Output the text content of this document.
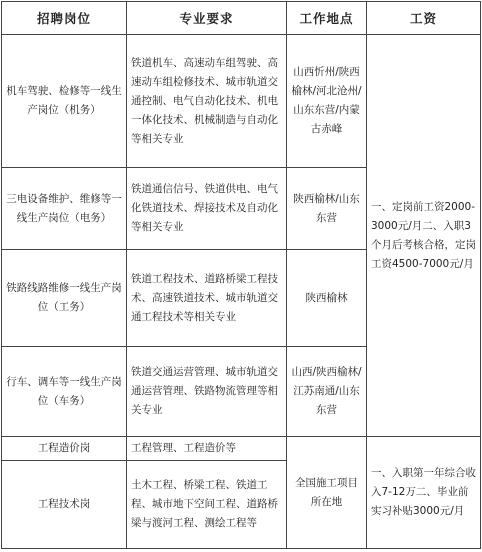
招聘岗位	专业要求	工作地点	工资
机车驾驶、检修等一线生产岗位（机务）	铁道机车、高速动车组驾驶、高速动车组检修技术、城市轨道交通控制、电气自动化技术、机电一体化技术、机械制造与自动化等相关专业	山西忻州/陕西榆林/河北沧州/山东东营/内蒙古赤峰	一、定岗前工资2000-3000元/月二、入职3个月后考核合格，定岗工资4500-7000元/月
三电设备维护、维修等一线生产岗位（电务）	铁道通信信号、铁道供电、电气化铁道技术、焊接技术及自动化等相关专业	陕西榆林/山东东营	
铁路线路维修一线生产岗位（工务）	铁道工程技术、道路桥梁工程技术、高速铁道技术、城市轨道交通工程技术等相关专业	陕西榆林	
行车、调车等一线生产岗位（车务）	铁道交通运营管理、城市轨道交通运营管理、铁路物流管理等相关专业	山西/陕西榆林/江苏南通/山东东营	
工程造价岗	工程管理、工程造价等	全国施工项目所在地	一、入职第一年综合收入7-12万二、毕业前实习补贴3000元/月
工程技术岗	土木工程、桥梁工程、铁道工程、城市地下空间工程、道路桥梁与渡河工程、测绘工程等		
